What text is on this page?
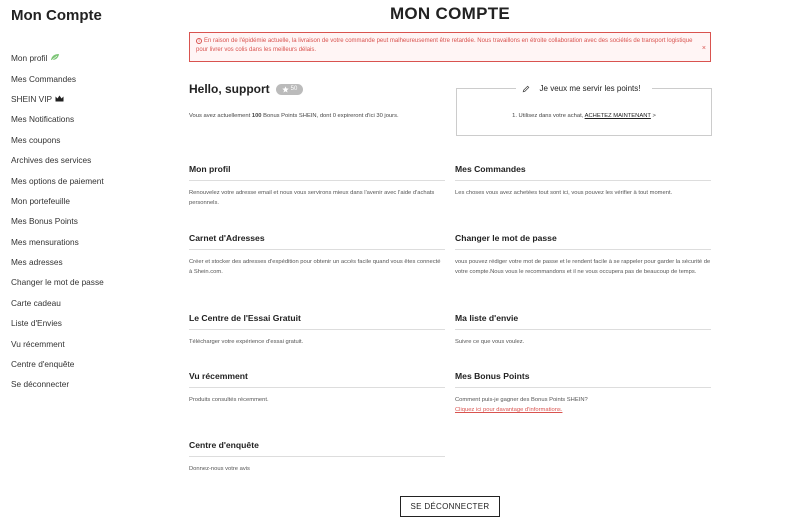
Mon Compte
Mon profil
Mes Commandes
SHEIN VIP
Mes Notifications
Mes coupons
Archives des services
Mes options de paiement
Mon portefeuille
Mes Bonus Points
Mes mensurations
Mes adresses
Changer le mot de passe
Carte cadeau
Liste d'Envies
Vu récemment
Centre d'enquête
Se déconnecter
MON COMPTE
i En raison de l'épidémie actuelle, la livraison de votre commande peut malheureusement être retardée. Nous travaillons en étroite collaboration avec des sociétés de transport logistique pour livrer vos colis dans les meilleurs délais.	×
Hello, support	50
Vous avez actuellement 100 Bonus Points SHEIN, dont 0 expireront d'ici 30 jours.
Je veux me servir les points!
1. Utilisez dans votre achat, ACHETEZ MAINTENANT >
Mon profil

Renouvelez votre adresse email et nous vous servirons mieux dans l'avenir avec l'aide d'achats personnels.

Mes Commandes

Les choses vous avez achetées tout sont ici, vous pouvez les vérifier à tout moment.

Carnet d'Adresses

Créer et stocker des adresses d'expédition pour obtenir un accés facile quand vous êtes connecté à Shein.com.

Changer le mot de passe

vous pouvez rédiger votre mot de passe et le rendent facile à se rappeler pour garder la sécurité de votre compte.Nous vous le recommandons et il ne vous occupera pas de beaucoup de temps.

Le Centre de l'Essai Gratuit

Télécharger votre expérience d'essai gratuit.

Ma liste d'envie

Suivre ce que vous voulez.

Vu récemment

Produits consultés récemment.

Mes Bonus Points

Comment puis-je gagner des Bonus Points SHEIN?

Cliquez ici pour davantage d'informations.
Centre d'enquête

Donnez-nous votre avis

SE DÉCONNECTER
